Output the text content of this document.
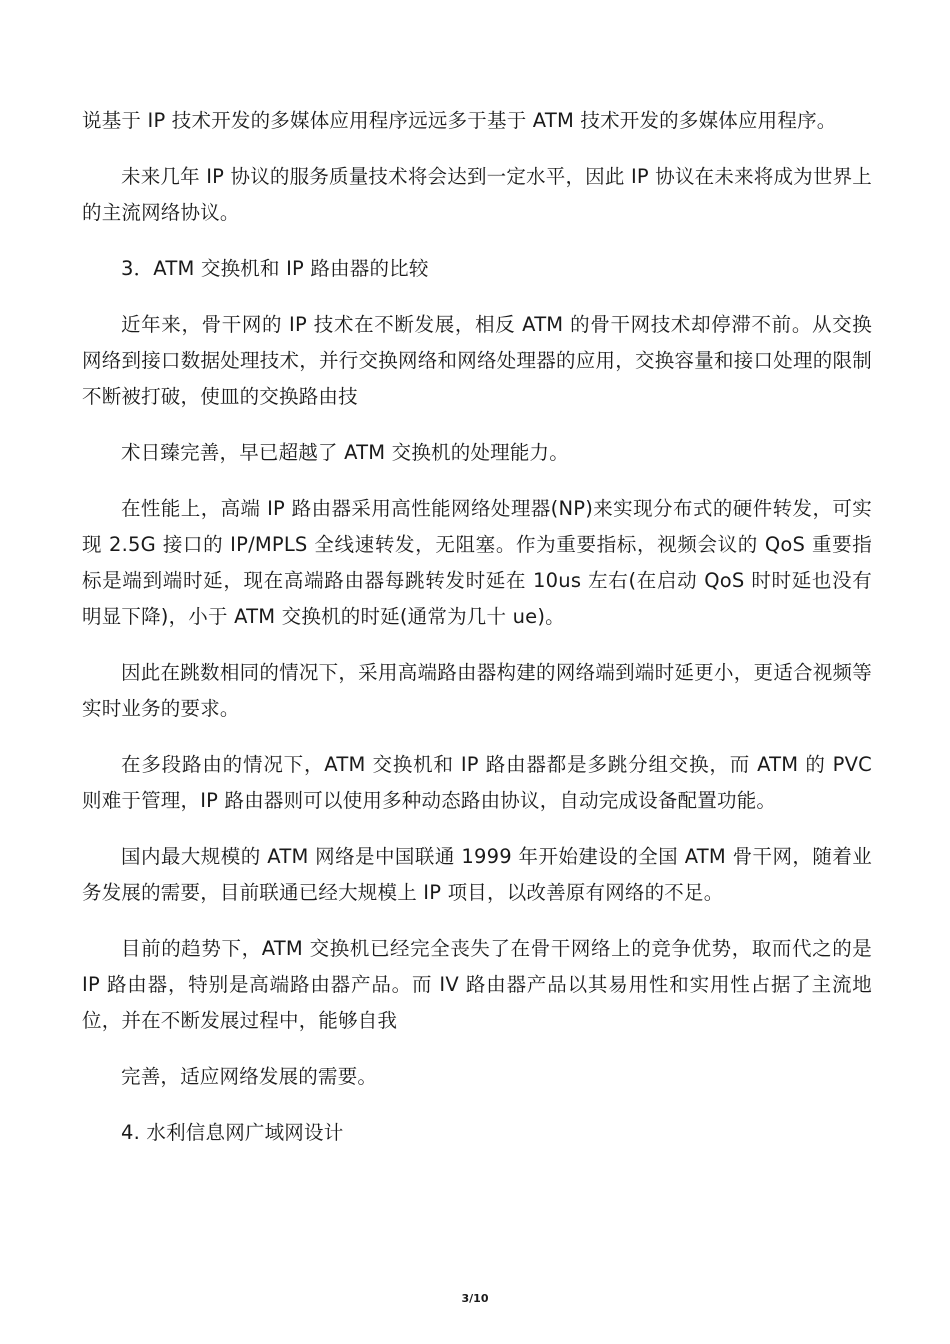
说基于 IP 技术开发的多媒体应用程序远远多于基于 ATM 技术开发的多媒体应用程序。

未来几年 IP 协议的服务质量技术将会达到一定水平，因此 IP 协议在未来将成为世界上的主流网络协议。

3．ATM 交换机和 IP 路由器的比较

近年来，骨干网的 IP 技术在不断发展，相反 ATM 的骨干网技术却停滞不前。从交换网络到接口数据处理技术，并行交换网络和网络处理器的应用，交换容量和接口处理的限制不断被打破，使皿的交换路由技

术日臻完善，早已超越了 ATM 交换机的处理能力。

在性能上，高端 IP 路由器采用高性能网络处理器(NP)来实现分布式的硬件转发，可实现 2.5G 接口的 IP/MPLS 全线速转发，无阻塞。作为重要指标，视频会议的 QoS 重要指标是端到端时延，现在高端路由器每跳转发时延在 10us 左右(在启动 QoS 时时延也没有明显下降)，小于 ATM 交换机的时延(通常为几十 ue)。

因此在跳数相同的情况下，采用高端路由器构建的网络端到端时延更小，更适合视频等实时业务的要求。

在多段路由的情况下，ATM 交换机和 IP 路由器都是多跳分组交换，而 ATM 的 PVC 则难于管理，IP 路由器则可以使用多种动态路由协议，自动完成设备配置功能。

国内最大规模的 ATM 网络是中国联通 1999 年开始建设的全国 ATM 骨干网，随着业务发展的需要，目前联通已经大规模上 IP 项目，以改善原有网络的不足。

目前的趋势下，ATM 交换机已经完全丧失了在骨干网络上的竞争优势，取而代之的是 IP 路由器，特别是高端路由器产品。而 IV 路由器产品以其易用性和实用性占据了主流地位，并在不断发展过程中，能够自我

完善，适应网络发展的需要。

4. 水利信息网广域网设计

3/10
